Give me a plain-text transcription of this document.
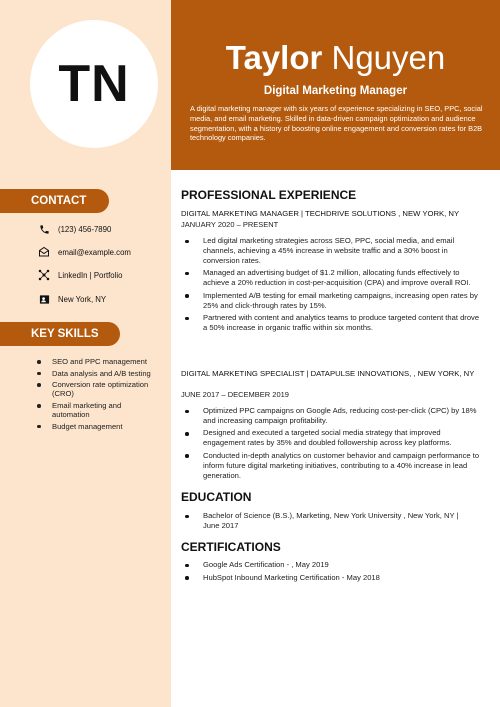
TN	Taylor Nguyen
Digital Marketing Manager
A digital marketing manager with six years of experience specializing in SEO, PPC, social media, and email marketing. Skilled in data-driven campaign optimization and audience segmentation, with a history of boosting online engagement and conversion rates for B2B technology companies.
CONTACT
(123) 456-7890
email@example.com
LinkedIn | Portfolio
New York, NY
KEY SKILLS
SEO and PPC management
Data analysis and A/B testing
Conversion rate optimization (CRO)
Email marketing and automation
Budget management
PROFESSIONAL EXPERIENCE
DIGITAL MARKETING MANAGER | TECHDRIVE SOLUTIONS , NEW YORK, NY
JANUARY 2020 – PRESENT
Led digital marketing strategies across SEO, PPC, social media, and email channels, achieving a 45% increase in website traffic and a 30% boost in conversion rates.
Managed an advertising budget of $1.2 million, allocating funds effectively to achieve a 20% reduction in cost-per-acquisition (CPA) and improve overall ROI.
Implemented A/B testing for email marketing campaigns, increasing open rates by 25% and click-through rates by 15%.
Partnered with content and analytics teams to produce targeted content that drove a 50% increase in organic traffic within six months.
DIGITAL MARKETING SPECIALIST | DATAPULSE INNOVATIONS, , NEW YORK, NY
JUNE 2017 – DECEMBER 2019
Optimized PPC campaigns on Google Ads, reducing cost-per-click (CPC) by 18% and increasing campaign profitability.
Designed and executed a targeted social media strategy that improved engagement rates by 35% and doubled followership across key platforms.
Conducted in-depth analytics on customer behavior and campaign performance to inform future digital marketing initiatives, contributing to a 40% increase in lead generation.
EDUCATION
Bachelor of Science (B.S.), Marketing, New York University , New York, NY | June 2017
CERTIFICATIONS
Google Ads Certification - , May 2019
HubSpot Inbound Marketing Certification - May 2018
